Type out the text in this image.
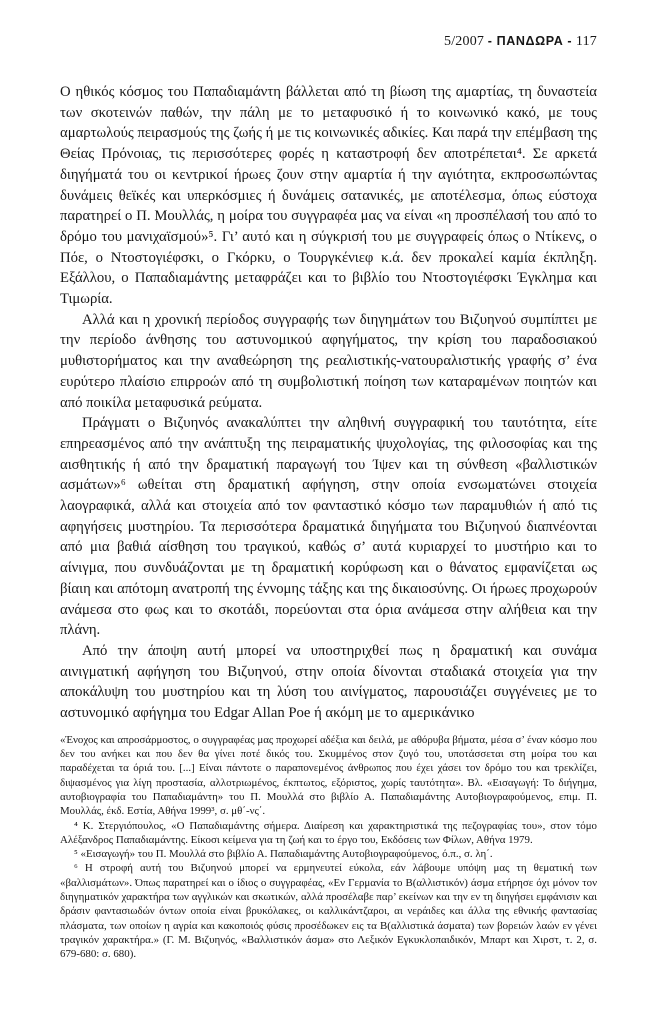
5/2007 - ΠΑΝΔΩΡΑ - 117

Ο ηθικός κόσμος του Παπαδιαμάντη βάλλεται από τη βίωση της αμαρτίας, τη δυναστεία των σκοτεινών παθών, την πάλη με το μεταφυσικό ή το κοινωνικό κακό, με τους αμαρτωλούς πειρασμούς της ζωής ή με τις κοινωνικές αδικίες. Και παρά την επέμβαση της Θείας Πρόνοιας, τις περισσότερες φορές η καταστροφή δεν αποτρέπεται⁴. Σε αρκετά διηγήματά του οι κεντρικοί ήρωες ζουν στην αμαρτία ή την αγιότητα, εκπροσωπώντας δυνάμεις θεϊκές και υπερκόσμιες ή δυνάμεις σατανικές, με αποτέλεσμα, όπως εύστοχα παρατηρεί ο Π. Μουλλάς, η μοίρα του συγγραφέα μας να είναι «η προσπέλασή του από το δρόμο του μανιχαϊσμού»⁵. Γι’ αυτό και η σύγκρισή του με συγγραφείς όπως ο Ντίκενς, ο Πόε, ο Ντοστογιέφσκι, ο Γκόρκυ, ο Τουργκένιεφ κ.ά. δεν προκαλεί καμία έκπληξη. Εξάλλου, ο Παπαδιαμάντης μεταφράζει και το βιβλίο του Ντοστογιέφσκι Έγκλημα και Τιμωρία.

Αλλά και η χρονική περίοδος συγγραφής των διηγημάτων του Βιζυηνού συμπίπτει με την περίοδο άνθησης του αστυνομικού αφηγήματος, την κρίση του παραδοσιακού μυθιστορήματος και την αναθεώρηση της ρεαλιστικής-νατουραλιστικής γραφής σ’ ένα ευρύτερο πλαίσιο επιρροών από τη συμβολιστική ποίηση των καταραμένων ποιητών και από ποικίλα μεταφυσικά ρεύματα.

Πράγματι ο Βιζυηνός ανακαλύπτει την αληθινή συγγραφική του ταυτότητα, είτε επηρεασμένος από την ανάπτυξη της πειραματικής ψυχολογίας, της φιλοσοφίας και της αισθητικής ή από την δραματική παραγωγή του Ίψεν και τη σύνθεση «βαλλιστικών ασμάτων»⁶ ωθείται στη δραματική αφήγηση, στην οποία ενσωματώνει στοιχεία λαογραφικά, αλλά και στοιχεία από τον φανταστικό κόσμο των παραμυθιών ή από τις αφηγήσεις μυστηρίου. Τα περισσότερα δραματικά διηγήματα του Βιζυηνού διαπνέονται από μια βαθιά αίσθηση του τραγικού, καθώς σ’ αυτά κυριαρχεί το μυστήριο και το αίνιγμα, που συνδυάζονται με τη δραματική κορύφωση και ο θάνατος εμφανίζεται ως βίαιη και απότομη ανατροπή της έννομης τάξης και της δικαιοσύνης. Οι ήρωες προχωρούν ανάμεσα στο φως και το σκοτάδι, πορεύονται στα όρια ανάμεσα στην αλήθεια και την πλάνη.

Από την άποψη αυτή μπορεί να υποστηριχθεί πως η δραματική και συνάμα αινιγματική αφήγηση του Βιζυηνού, στην οποία δίνονται σταδιακά στοιχεία για την αποκάλυψη του μυστηρίου και τη λύση του αινίγματος, παρουσιάζει συγγένειες με το αστυνομικό αφήγημα του Edgar Allan Poe ή ακόμη με το αμερικάνικο

«Ένοχος και απροσάρμοστος, ο συγγραφέας μας προχωρεί αδέξια και δειλά, με αθόρυβα βήματα, μέσα σ’ έναν κόσμο που δεν του ανήκει και που δεν θα γίνει ποτέ δικός του. Σκυμμένος στον ζυγό του, υποτάσσεται στη μοίρα του και παραδέχεται τα όριά του. [...] Είναι πάντοτε ο παραπονεμένος άνθρωπος που έχει χάσει τον δρόμο του και τρεκλίζει, διψασμένος για λίγη προστασία, αλλοτριωμένος, έκπτωτος, εξόριστος, χωρίς ταυτότητα». Βλ. «Εισαγωγή: Το διήγημα, αυτοβιογραφία του Παπαδιαμάντη» του Π. Μουλλά στο βιβλίο Α. Παπαδιαμάντης Αυτοβιογραφούμενος, επιμ. Π. Μουλλάς, έκδ. Εστία, Αθήνα 1999³, σ. μθ΄-νς΄.

⁴ Κ. Στεργιόπουλος, «Ο Παπαδιαμάντης σήμερα. Διαίρεση και χαρακτηριστικά της πεζογραφίας του», στον τόμο Αλέξανδρος Παπαδιαμάντης. Είκοσι κείμενα για τη ζωή και το έργο του, Εκδόσεις των Φίλων, Αθήνα 1979.

⁵ «Εισαγωγή» του Π. Μουλλά στο βιβλίο Α. Παπαδιαμάντης Αυτοβιογραφούμενος, ό.π., σ. λη΄.

⁶ Η στροφή αυτή του Βιζυηνού μπορεί να ερμηνευτεί εύκολα, εάν λάβουμε υπόψη μας τη θεματική των «βαλλισμάτων». Όπως παρατηρεί και ο ίδιος ο συγγραφέας, «Εν Γερμανία το Β(αλλιστικόν) άσμα ετήρησε όχι μόνον τον διηγηματικόν χαρακτήρα των αγγλικών και σκωτικών, αλλά προσέλαβε παρ’ εκείνων και την εν τη διηγήσει εμφάνισιν και δράσιν φαντασιωδών όντων οποία είναι βρυκόλακες, οι καλλικάντζαροι, αι νεράιδες και άλλα της εθνικής φαντασίας πλάσματα, των οποίων η αγρία και κακοποιός φύσις προσέδωκεν εις τα Β(αλλιστικά άσματα) των βορειών λαών εν γένει τραγικόν χαρακτήρα.» (Γ. Μ. Βιζυηνός, «Βαλλιστικόν άσμα» στο Λεξικόν Εγκυκλοπαιδικόν, Μπαρτ και Χιρστ, τ. 2, σ. 679-680: σ. 680).
